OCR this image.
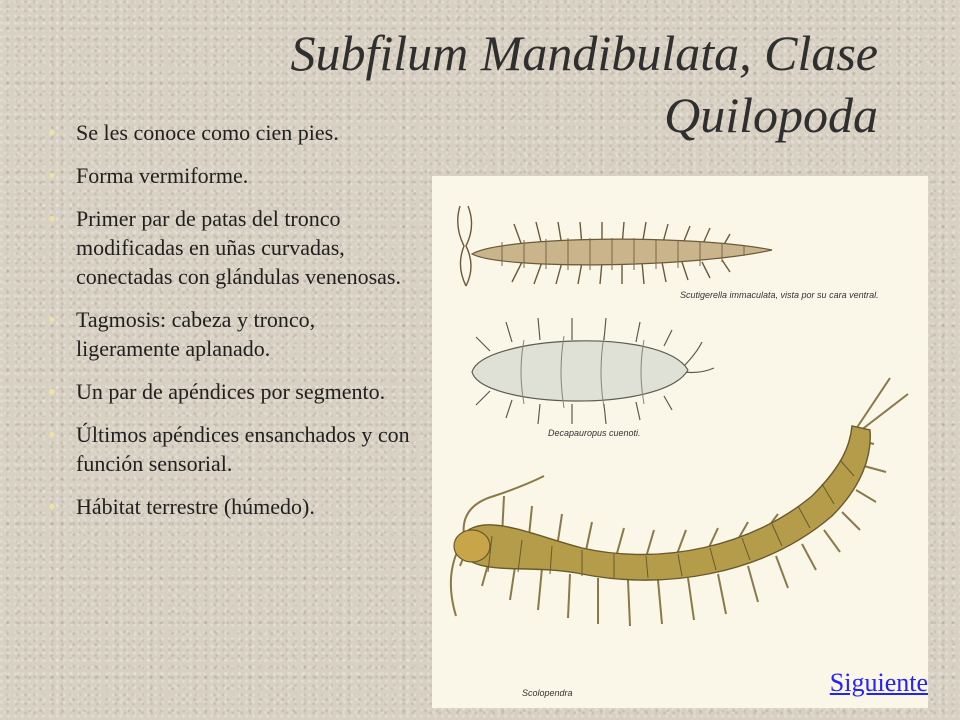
Subfilum Mandibulata, Clase Quilopoda
• Se les conoce como cien pies.
• Forma vermiforme.
• Primer par de patas del tronco modificadas en uñas curvadas, conectadas con glándulas venenosas.
• Tagmosis: cabeza y tronco, ligeramente aplanado.
• Un par de apéndices por segmento.
• Últimos apéndices ensanchados y con función sensorial.
• Hábitat terrestre (húmedo).
Scutigerella immaculata, vista por su cara ventral.
Decapauropus cuenoti.
Scolopendra	Siguiente
